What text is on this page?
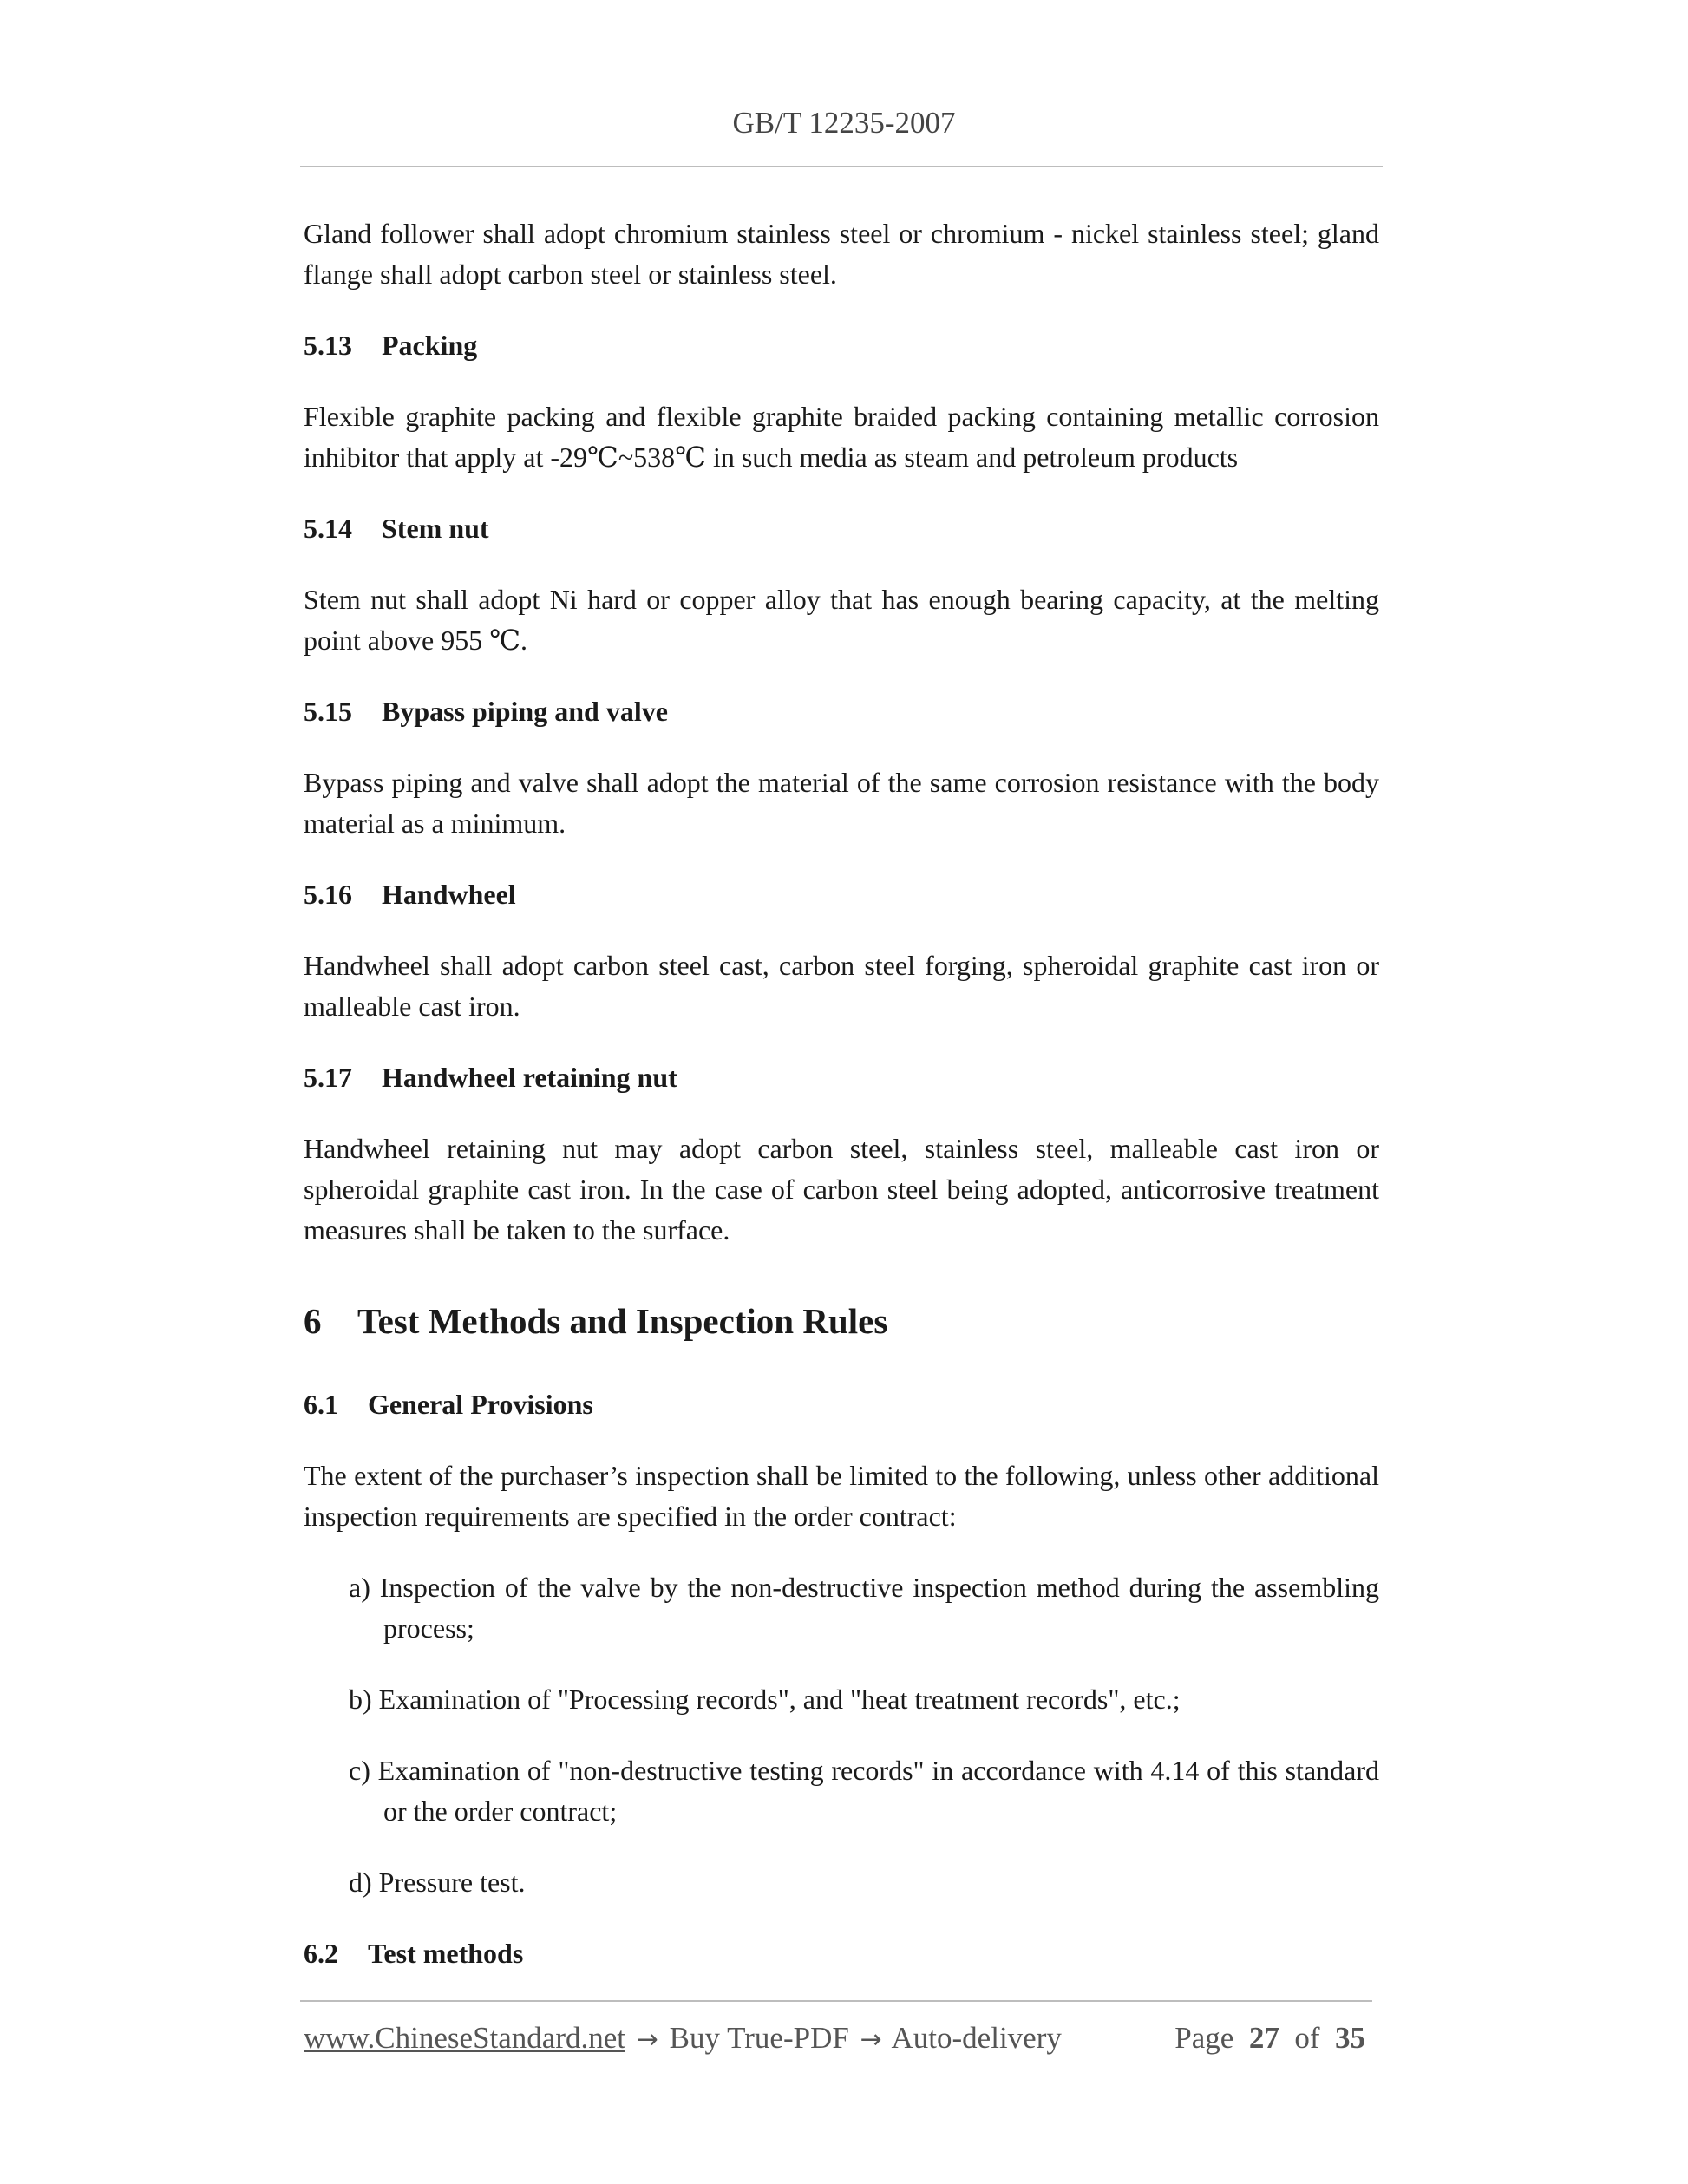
GB/T 12235-2007

Gland follower shall adopt chromium stainless steel or chromium - nickel stainless steel; gland flange shall adopt carbon steel or stainless steel.

5.13 Packing

Flexible graphite packing and flexible graphite braided packing containing metallic corrosion inhibitor that apply at -29℃~538℃ in such media as steam and petroleum products

5.14 Stem nut

Stem nut shall adopt Ni hard or copper alloy that has enough bearing capacity, at the melting point above 955 ℃.

5.15 Bypass piping and valve

Bypass piping and valve shall adopt the material of the same corrosion resistance with the body material as a minimum.

5.16 Handwheel

Handwheel shall adopt carbon steel cast, carbon steel forging, spheroidal graphite cast iron or malleable cast iron.

5.17 Handwheel retaining nut

Handwheel retaining nut may adopt carbon steel, stainless steel, malleable cast iron or spheroidal graphite cast iron. In the case of carbon steel being adopted, anticorrosive treatment measures shall be taken to the surface.

6 Test Methods and Inspection Rules
6.1 General Provisions

The extent of the purchaser’s inspection shall be limited to the following, unless other additional inspection requirements are specified in the order contract:

a) Inspection of the valve by the non-destructive inspection method during the assembling process;
b) Examination of "Processing records", and "heat treatment records", etc.;
c) Examination of "non-destructive testing records" in accordance with 4.14 of this standard or the order contract;
d) Pressure test.
6.2 Test methods
www.ChineseStandard.net → Buy True-PDF → Auto-delivery	Page 27 of 35
